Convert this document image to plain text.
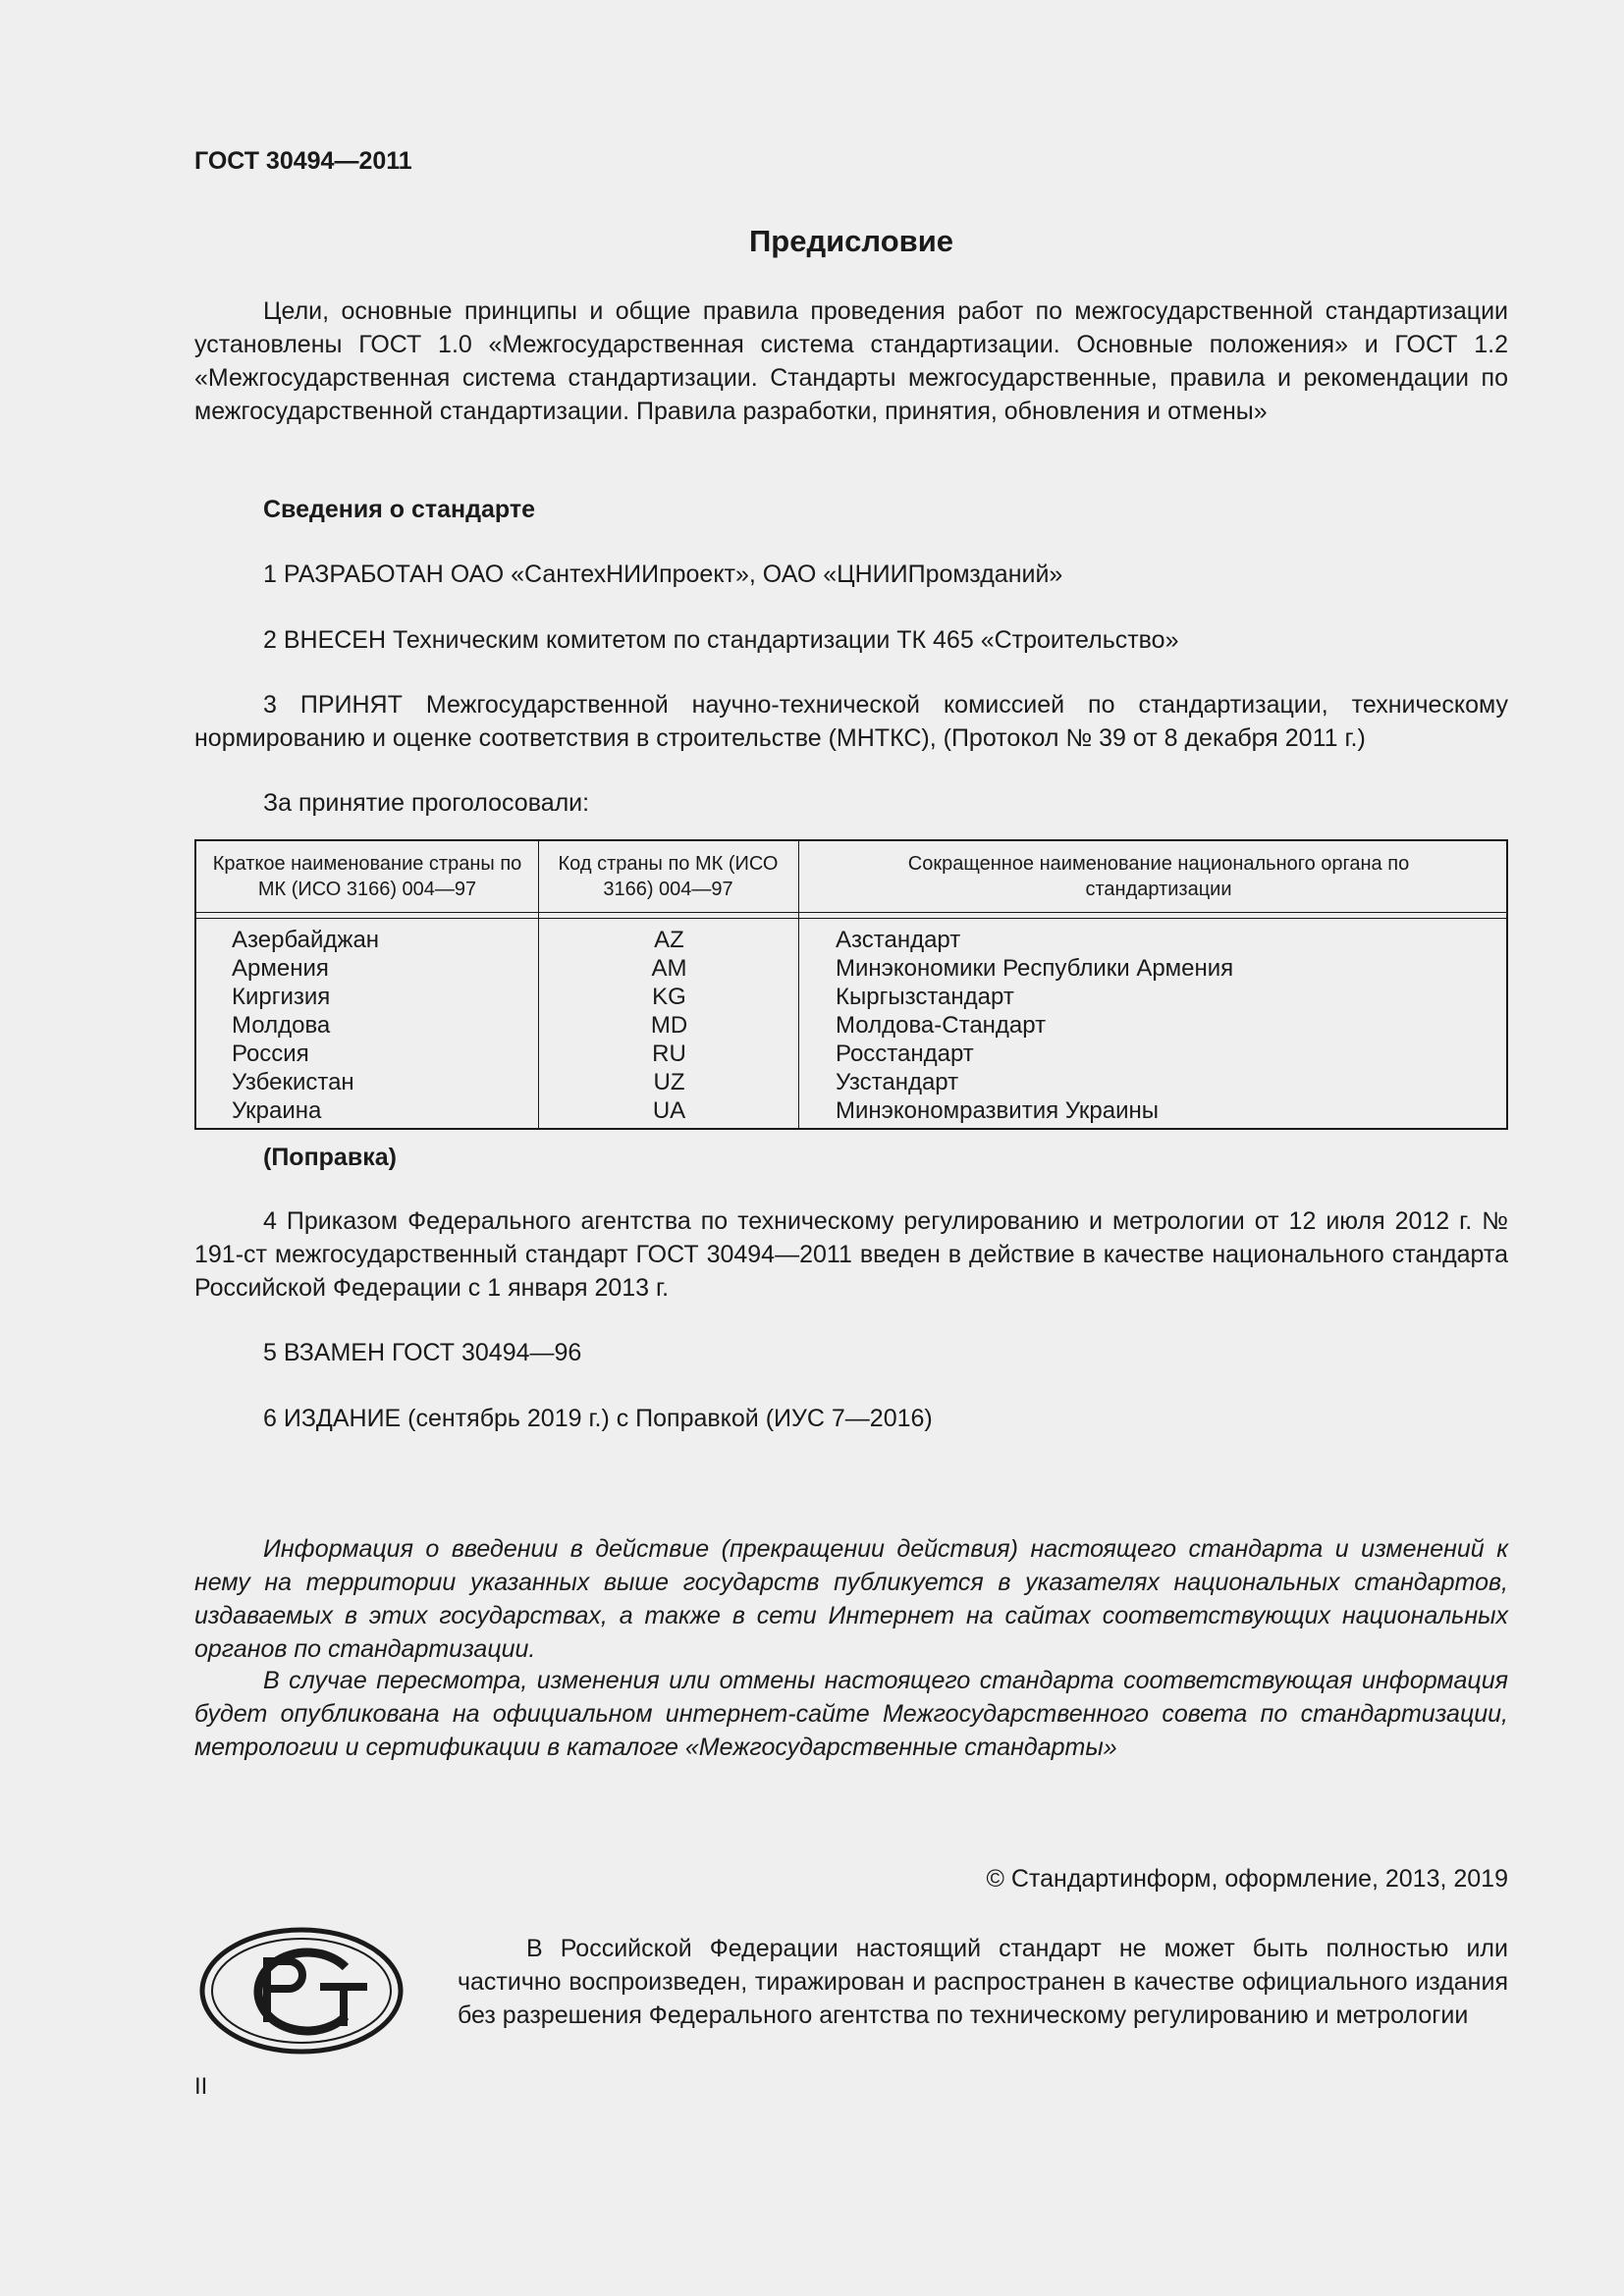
ГОСТ 30494—2011
Предисловие
Цели, основные принципы и общие правила проведения работ по межгосударственной стандартизации установлены ГОСТ 1.0 «Межгосударственная система стандартизации. Основные положения» и ГОСТ 1.2 «Межгосударственная система стандартизации. Стандарты межгосударственные, правила и рекомендации по межгосударственной стандартизации. Правила разработки, принятия, обновления и отмены»
Сведения о стандарте
1 РАЗРАБОТАН ОАО «СантехНИИпроект», ОАО «ЦНИИПромзданий»
2 ВНЕСЕН Техническим комитетом по стандартизации ТК 465 «Строительство»
3 ПРИНЯТ Межгосударственной научно-технической комиссией по стандартизации, техническому нормированию и оценке соответствия в строительстве (МНТКС), (Протокол № 39 от 8 декабря 2011 г.)
За принятие проголосовали:
Краткое наименование страны по МК (ИСО 3166) 004—97
Код страны по МК (ИСО 3166) 004—97
Сокращенное наименование национального органа по стандартизации
Азербайджан
Армения
Киргизия
Молдова
Россия
Узбекистан
Украина
AZ
AM
KG
MD
RU
UZ
UA
Азстандарт
Минэкономики Республики Армения
Кыргызстандарт
Молдова-Стандарт
Росстандарт
Узстандарт
Минэкономразвития Украины
(Поправка)
4 Приказом Федерального агентства по техническому регулированию и метрологии от 12 июля 2012 г. № 191-ст межгосударственный стандарт ГОСТ 30494—2011 введен в действие в качестве национального стандарта Российской Федерации с 1 января 2013 г.
5 ВЗАМЕН ГОСТ 30494—96
6 ИЗДАНИЕ (сентябрь 2019 г.) с Поправкой (ИУС 7—2016)
Информация о введении в действие (прекращении действия) настоящего стандарта и изменений к нему на территории указанных выше государств публикуется в указателях национальных стандартов, издаваемых в этих государствах, а также в сети Интернет на сайтах соответствующих национальных органов по стандартизации.
В случае пересмотра, изменения или отмены настоящего стандарта соответствующая информация будет опубликована на официальном интернет-сайте Межгосударственного совета по стандартизации, метрологии и сертификации в каталоге «Межгосударственные стандарты»
© Стандартинформ, оформление, 2013, 2019
В Российской Федерации настоящий стандарт не может быть полностью или частично воспроизведен, тиражирован и распространен в качестве официального издания без разрешения Федерального агентства по техническому регулированию и метрологии
II
